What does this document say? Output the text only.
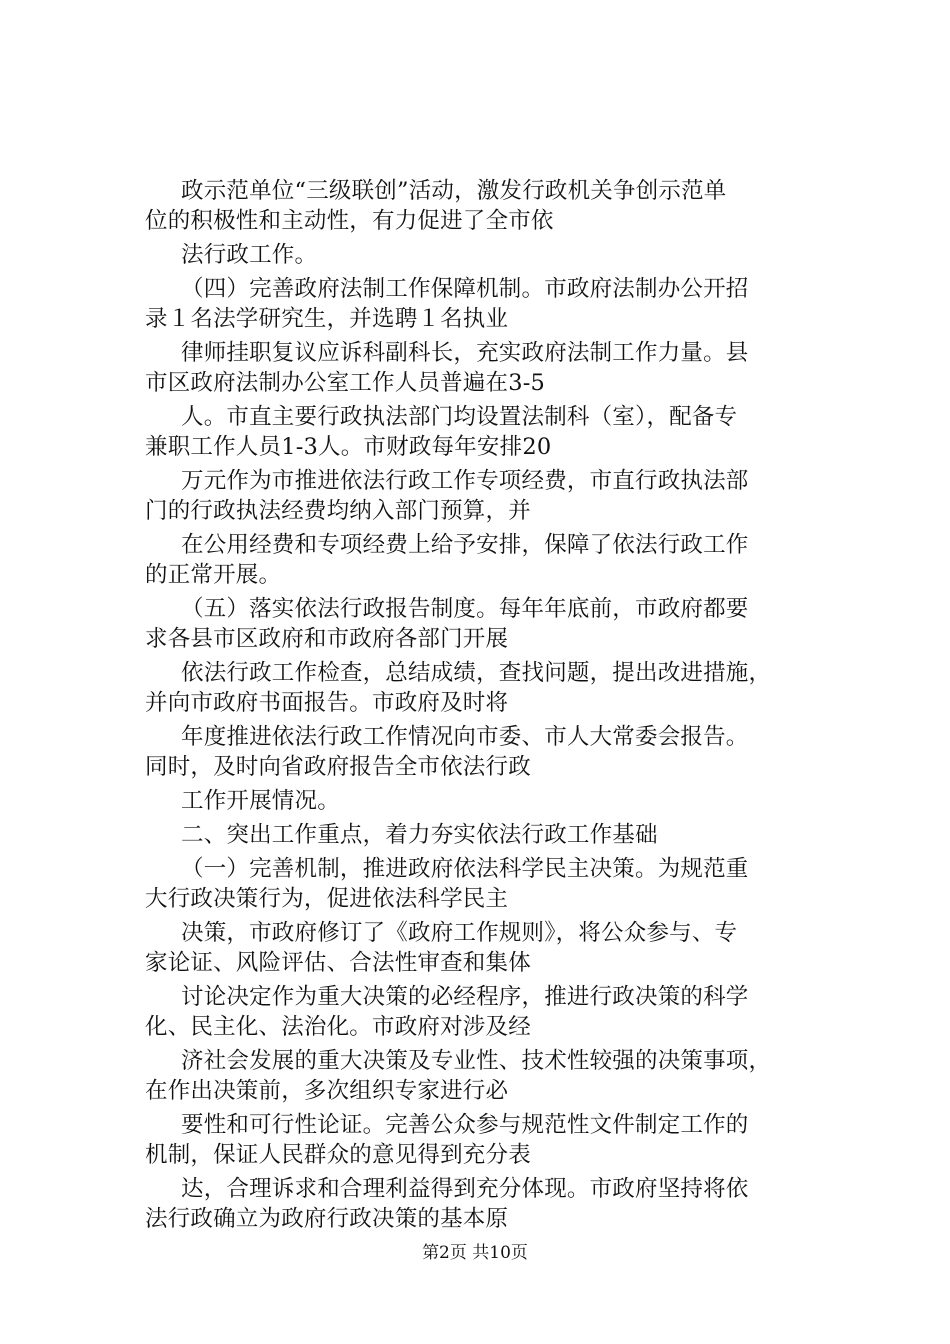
政示范单位“三级联创”活动，激发行政机关争创示范单
位的积极性和主动性，有力促进了全市依
法行政工作。
（四）完善政府法制工作保障机制。市政府法制办公开招
录１名法学研究生，并选聘１名执业
律师挂职复议应诉科副科长，充实政府法制工作力量。县
市区政府法制办公室工作人员普遍在3-5
人。市直主要行政执法部门均设置法制科（室），配备专
兼职工作人员1-3人。市财政每年安排20
万元作为市推进依法行政工作专项经费，市直行政执法部
门的行政执法经费均纳入部门预算，并
在公用经费和专项经费上给予安排，保障了依法行政工作
的正常开展。
（五）落实依法行政报告制度。每年年底前，市政府都要
求各县市区政府和市政府各部门开展
依法行政工作检查，总结成绩，查找问题，提出改进措施，
并向市政府书面报告。市政府及时将
年度推进依法行政工作情况向市委、市人大常委会报告。
同时，及时向省政府报告全市依法行政
工作开展情况。
二、突出工作重点，着力夯实依法行政工作基础
（一）完善机制，推进政府依法科学民主决策。为规范重
大行政决策行为，促进依法科学民主
决策，市政府修订了《政府工作规则》，将公众参与、专
家论证、风险评估、合法性审查和集体
讨论决定作为重大决策的必经程序，推进行政决策的科学
化、民主化、法治化。市政府对涉及经
济社会发展的重大决策及专业性、技术性较强的决策事项，
在作出决策前，多次组织专家进行必
要性和可行性论证。完善公众参与规范性文件制定工作的
机制，保证人民群众的意见得到充分表
达，合理诉求和合理利益得到充分体现。市政府坚持将依
法行政确立为政府行政决策的基本原
第2页 共10页
